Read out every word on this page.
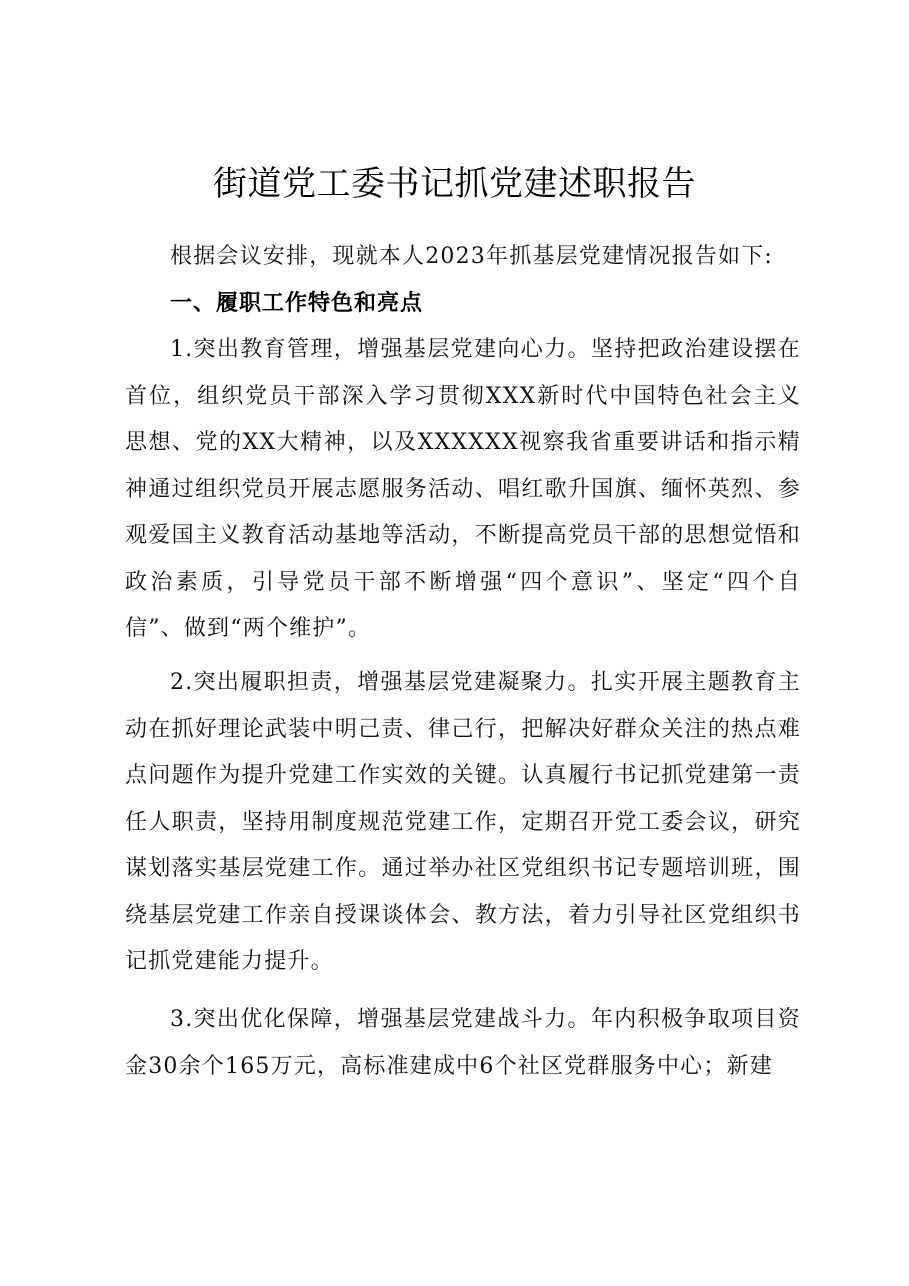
街道党工委书记抓党建述职报告

根据会议安排，现就本人2023年抓基层党建情况报告如下:

一、履职工作特色和亮点

1.突出教育管理，增强基层党建向心力。坚持把政治建设摆在首位，组织党员干部深入学习贯彻XXX新时代中国特色社会主义思想、党的XX大精神，以及XXXXXX视察我省重要讲话和指示精神通过组织党员开展志愿服务活动、唱红歌升国旗、缅怀英烈、参观爱国主义教育活动基地等活动，不断提高党员干部的思想觉悟和政治素质，引导党员干部不断增强“四个意识”、坚定“四个自信”、做到“两个维护”。

2.突出履职担责，增强基层党建凝聚力。扎实开展主题教育主动在抓好理论武装中明己责、律己行，把解决好群众关注的热点难点问题作为提升党建工作实效的关键。认真履行书记抓党建第一责任人职责，坚持用制度规范党建工作，定期召开党工委会议，研究谋划落实基层党建工作。通过举办社区党组织书记专题培训班，围绕基层党建工作亲自授课谈体会、教方法，着力引导社区党组织书记抓党建能力提升。

3.突出优化保障，增强基层党建战斗力。年内积极争取项目资金30余个165万元，高标准建成中6个社区党群服务中心；新建
